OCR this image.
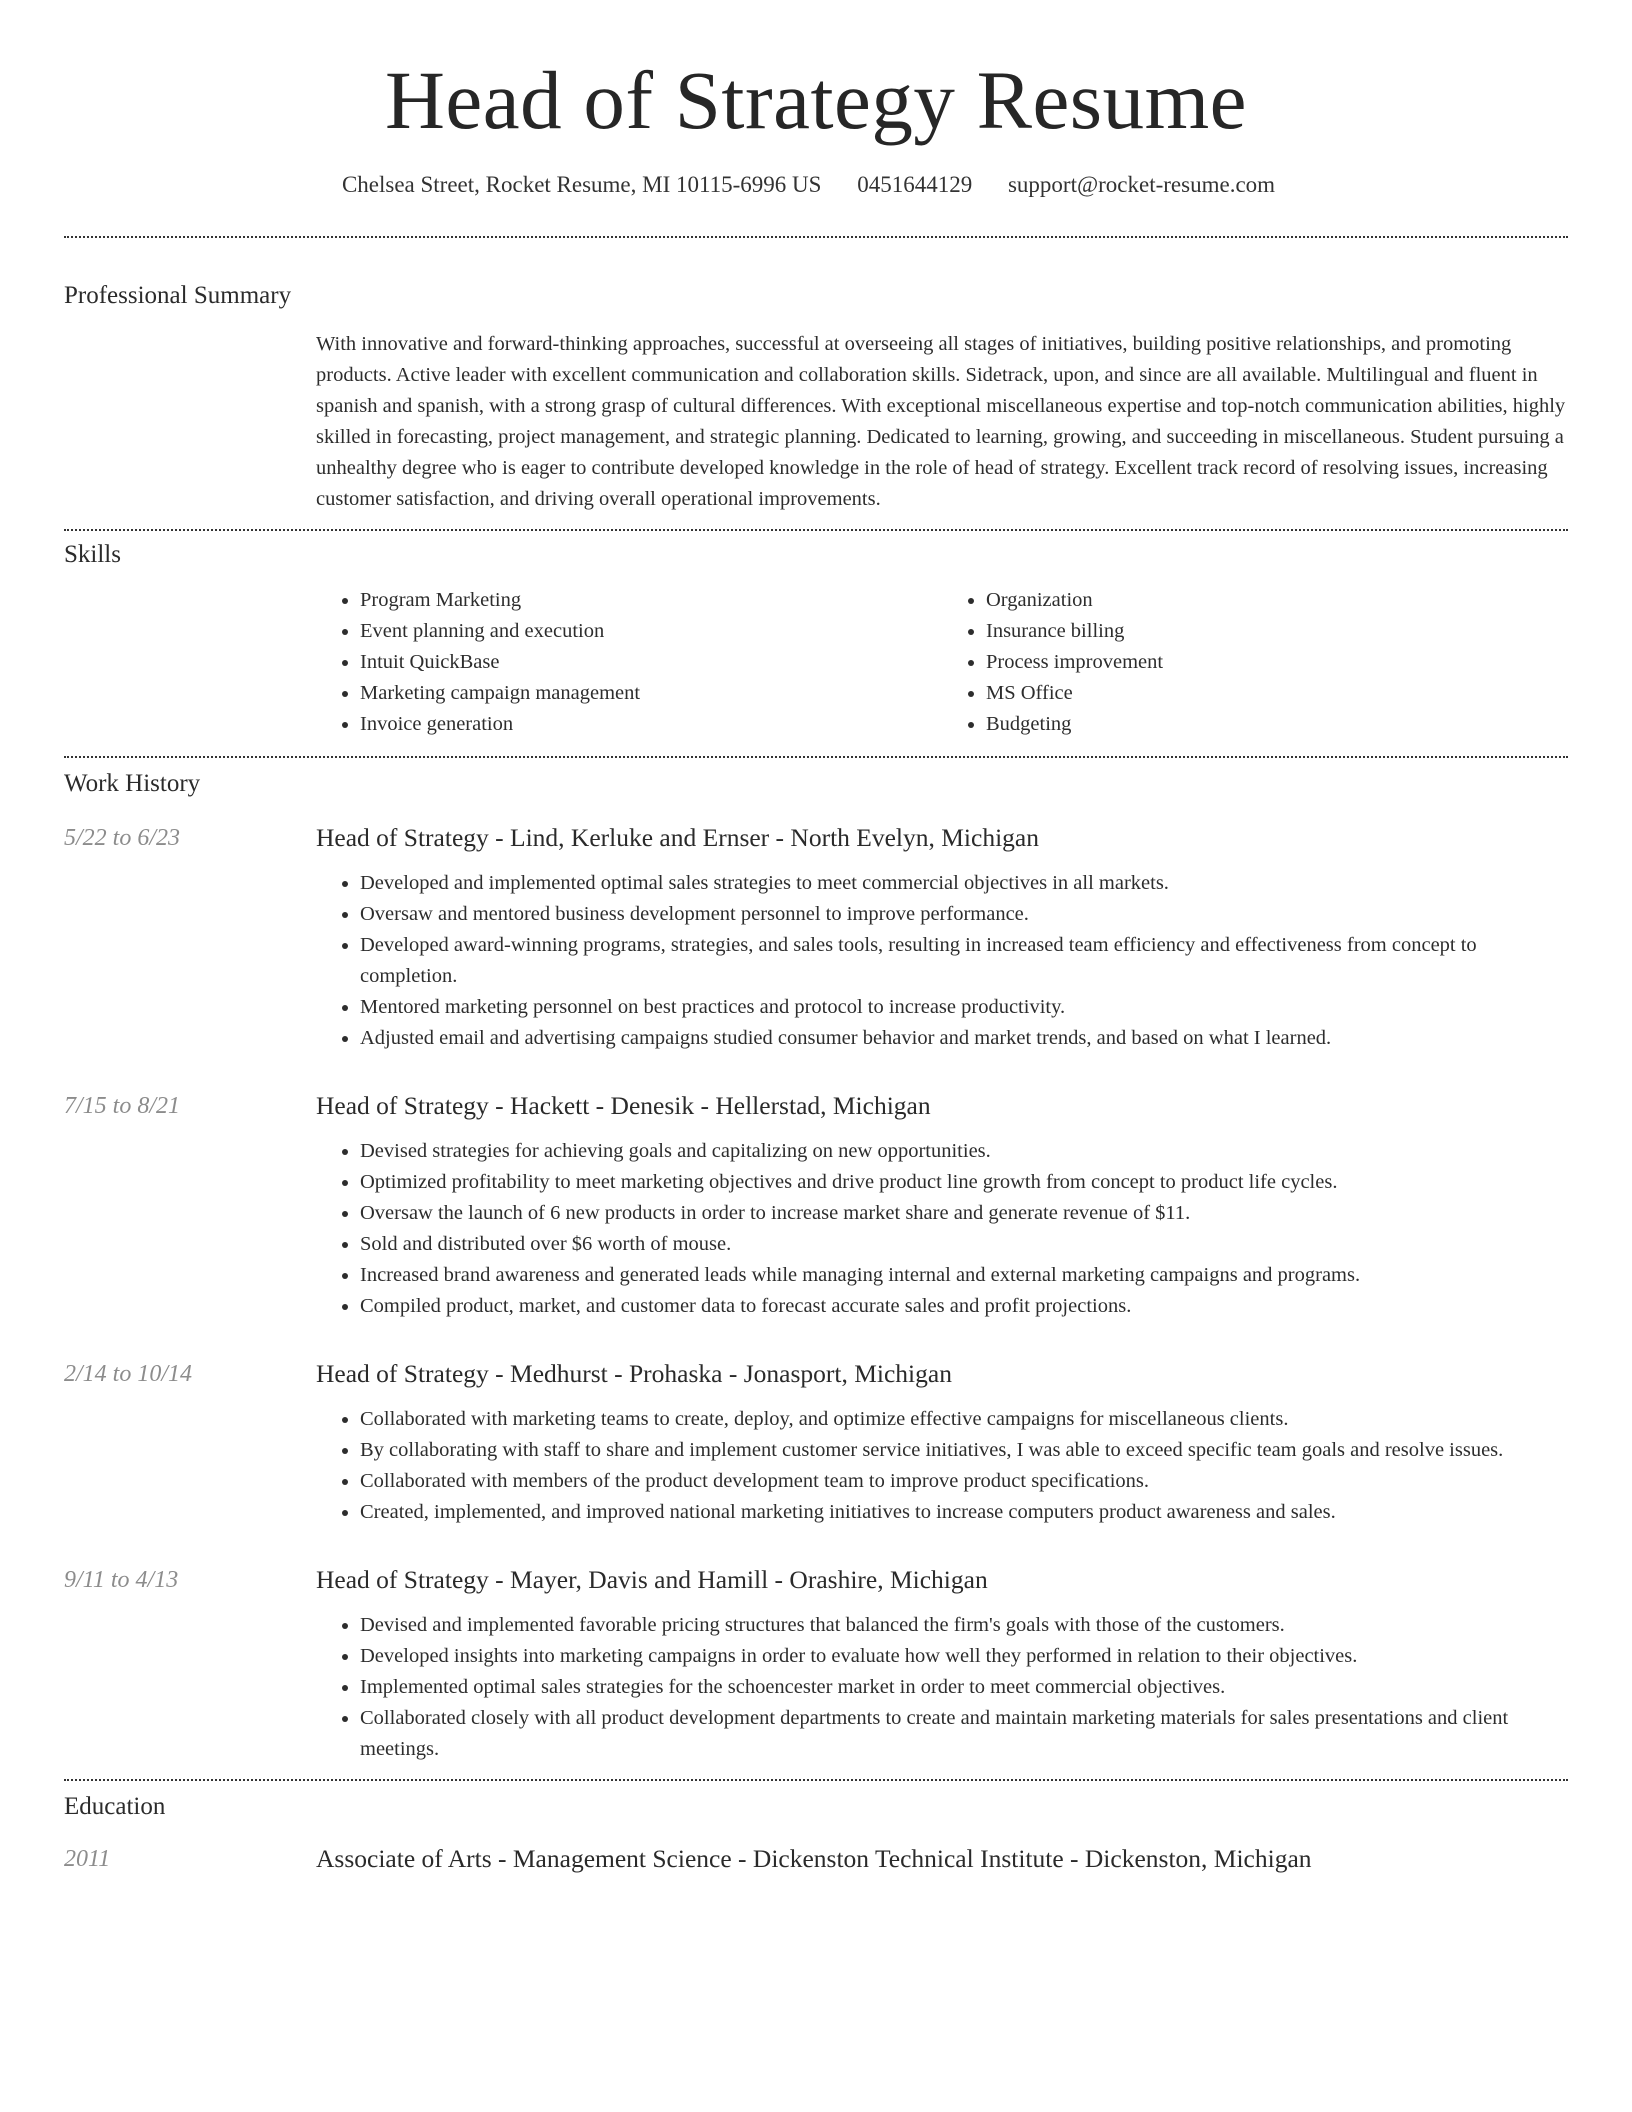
Head of Strategy Resume
Chelsea Street, Rocket Resume, MI 10115-6996 US 0451644129 support@rocket-resume.com
Professional Summary

With innovative and forward-thinking approaches, successful at overseeing all stages of initiatives, building positive relationships, and promoting products. Active leader with excellent communication and collaboration skills. Sidetrack, upon, and since are all available. Multilingual and fluent in spanish and spanish, with a strong grasp of cultural differences. With exceptional miscellaneous expertise and top-notch communication abilities, highly skilled in forecasting, project management, and strategic planning. Dedicated to learning, growing, and succeeding in miscellaneous. Student pursuing a unhealthy degree who is eager to contribute developed knowledge in the role of head of strategy. Excellent track record of resolving issues, increasing customer satisfaction, and driving overall operational improvements.

Skills
• Program Marketing
• Event planning and execution
• Intuit QuickBase
• Marketing campaign management
• Invoice generation
• Organization
• Insurance billing
• Process improvement
• MS Office
• Budgeting
Work History
5/22 to 6/23	Head of Strategy - Lind, Kerluke and Ernser - North Evelyn, Michigan
• Developed and implemented optimal sales strategies to meet commercial objectives in all markets.
• Oversaw and mentored business development personnel to improve performance.
• Developed award-winning programs, strategies, and sales tools, resulting in increased team efficiency and effectiveness from concept to completion.
• Mentored marketing personnel on best practices and protocol to increase productivity.
• Adjusted email and advertising campaigns studied consumer behavior and market trends, and based on what I learned.
7/15 to 8/21	Head of Strategy - Hackett - Denesik - Hellerstad, Michigan
• Devised strategies for achieving goals and capitalizing on new opportunities.
• Optimized profitability to meet marketing objectives and drive product line growth from concept to product life cycles.
• Oversaw the launch of 6 new products in order to increase market share and generate revenue of $11.
• Sold and distributed over $6 worth of mouse.
• Increased brand awareness and generated leads while managing internal and external marketing campaigns and programs.
• Compiled product, market, and customer data to forecast accurate sales and profit projections.
2/14 to 10/14	Head of Strategy - Medhurst - Prohaska - Jonasport, Michigan
• Collaborated with marketing teams to create, deploy, and optimize effective campaigns for miscellaneous clients.
• By collaborating with staff to share and implement customer service initiatives, I was able to exceed specific team goals and resolve issues.
• Collaborated with members of the product development team to improve product specifications.
• Created, implemented, and improved national marketing initiatives to increase computers product awareness and sales.
9/11 to 4/13	Head of Strategy - Mayer, Davis and Hamill - Orashire, Michigan
• Devised and implemented favorable pricing structures that balanced the firm's goals with those of the customers.
• Developed insights into marketing campaigns in order to evaluate how well they performed in relation to their objectives.
• Implemented optimal sales strategies for the schoencester market in order to meet commercial objectives.
• Collaborated closely with all product development departments to create and maintain marketing materials for sales presentations and client meetings.
Education
2011	Associate of Arts - Management Science - Dickenston Technical Institute - Dickenston, Michigan
